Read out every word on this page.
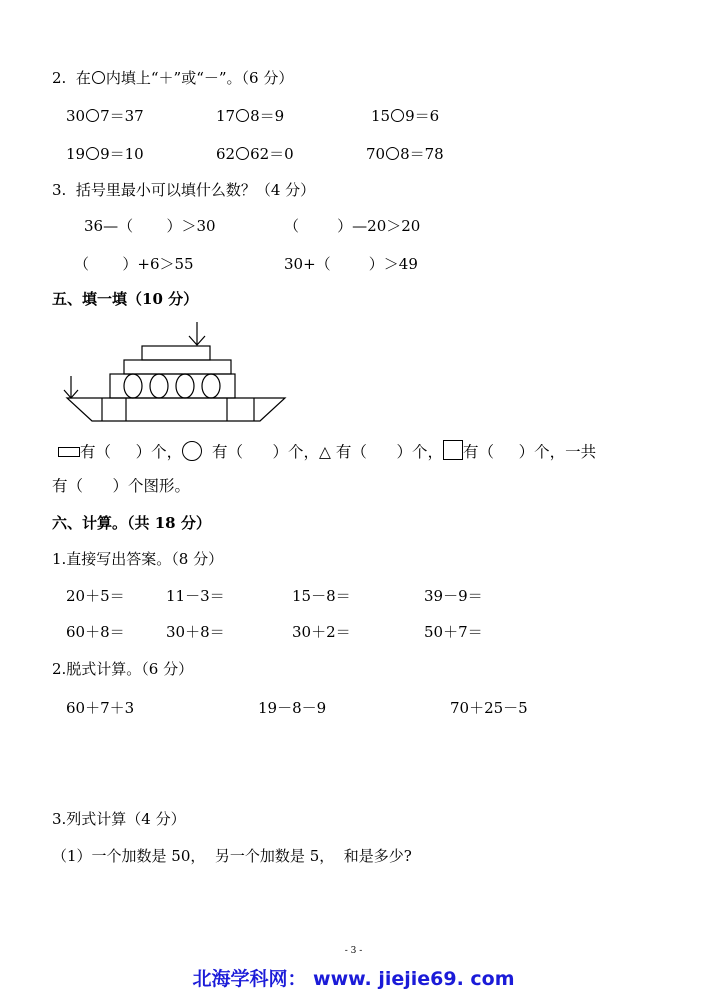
2.  在 内填上“＋”或“－”。（6 分）
30 7＝37	17 8＝9	15 9＝6
19 9＝10	62 62＝0	70 8＝78
3.  括号里最小可以填什么数？（4 分）
36—（       ）＞30	（        ）—20＞20
（       ）+6＞55	30+（        ）＞49
五、填一填（10 分）
有（     ）个，  有（      ）个，△ 有（      ）个， 有（     ）个，一共
有（      ）个图形。
六、计算。（共 18 分）
1.直接写出答案。（8 分）
20＋5＝	11－3＝	15－8＝	39－9＝
60＋8＝	30＋8＝	30＋2＝	50＋7＝
2.脱式计算。（6 分）
60＋7＋3	19－8－9	70＋25－5
3.列式计算（4 分）
（1）一个加数是 50，  另一个加数是 5，  和是多少?
- 3 -
北海学科网： www. jiejie69. com
